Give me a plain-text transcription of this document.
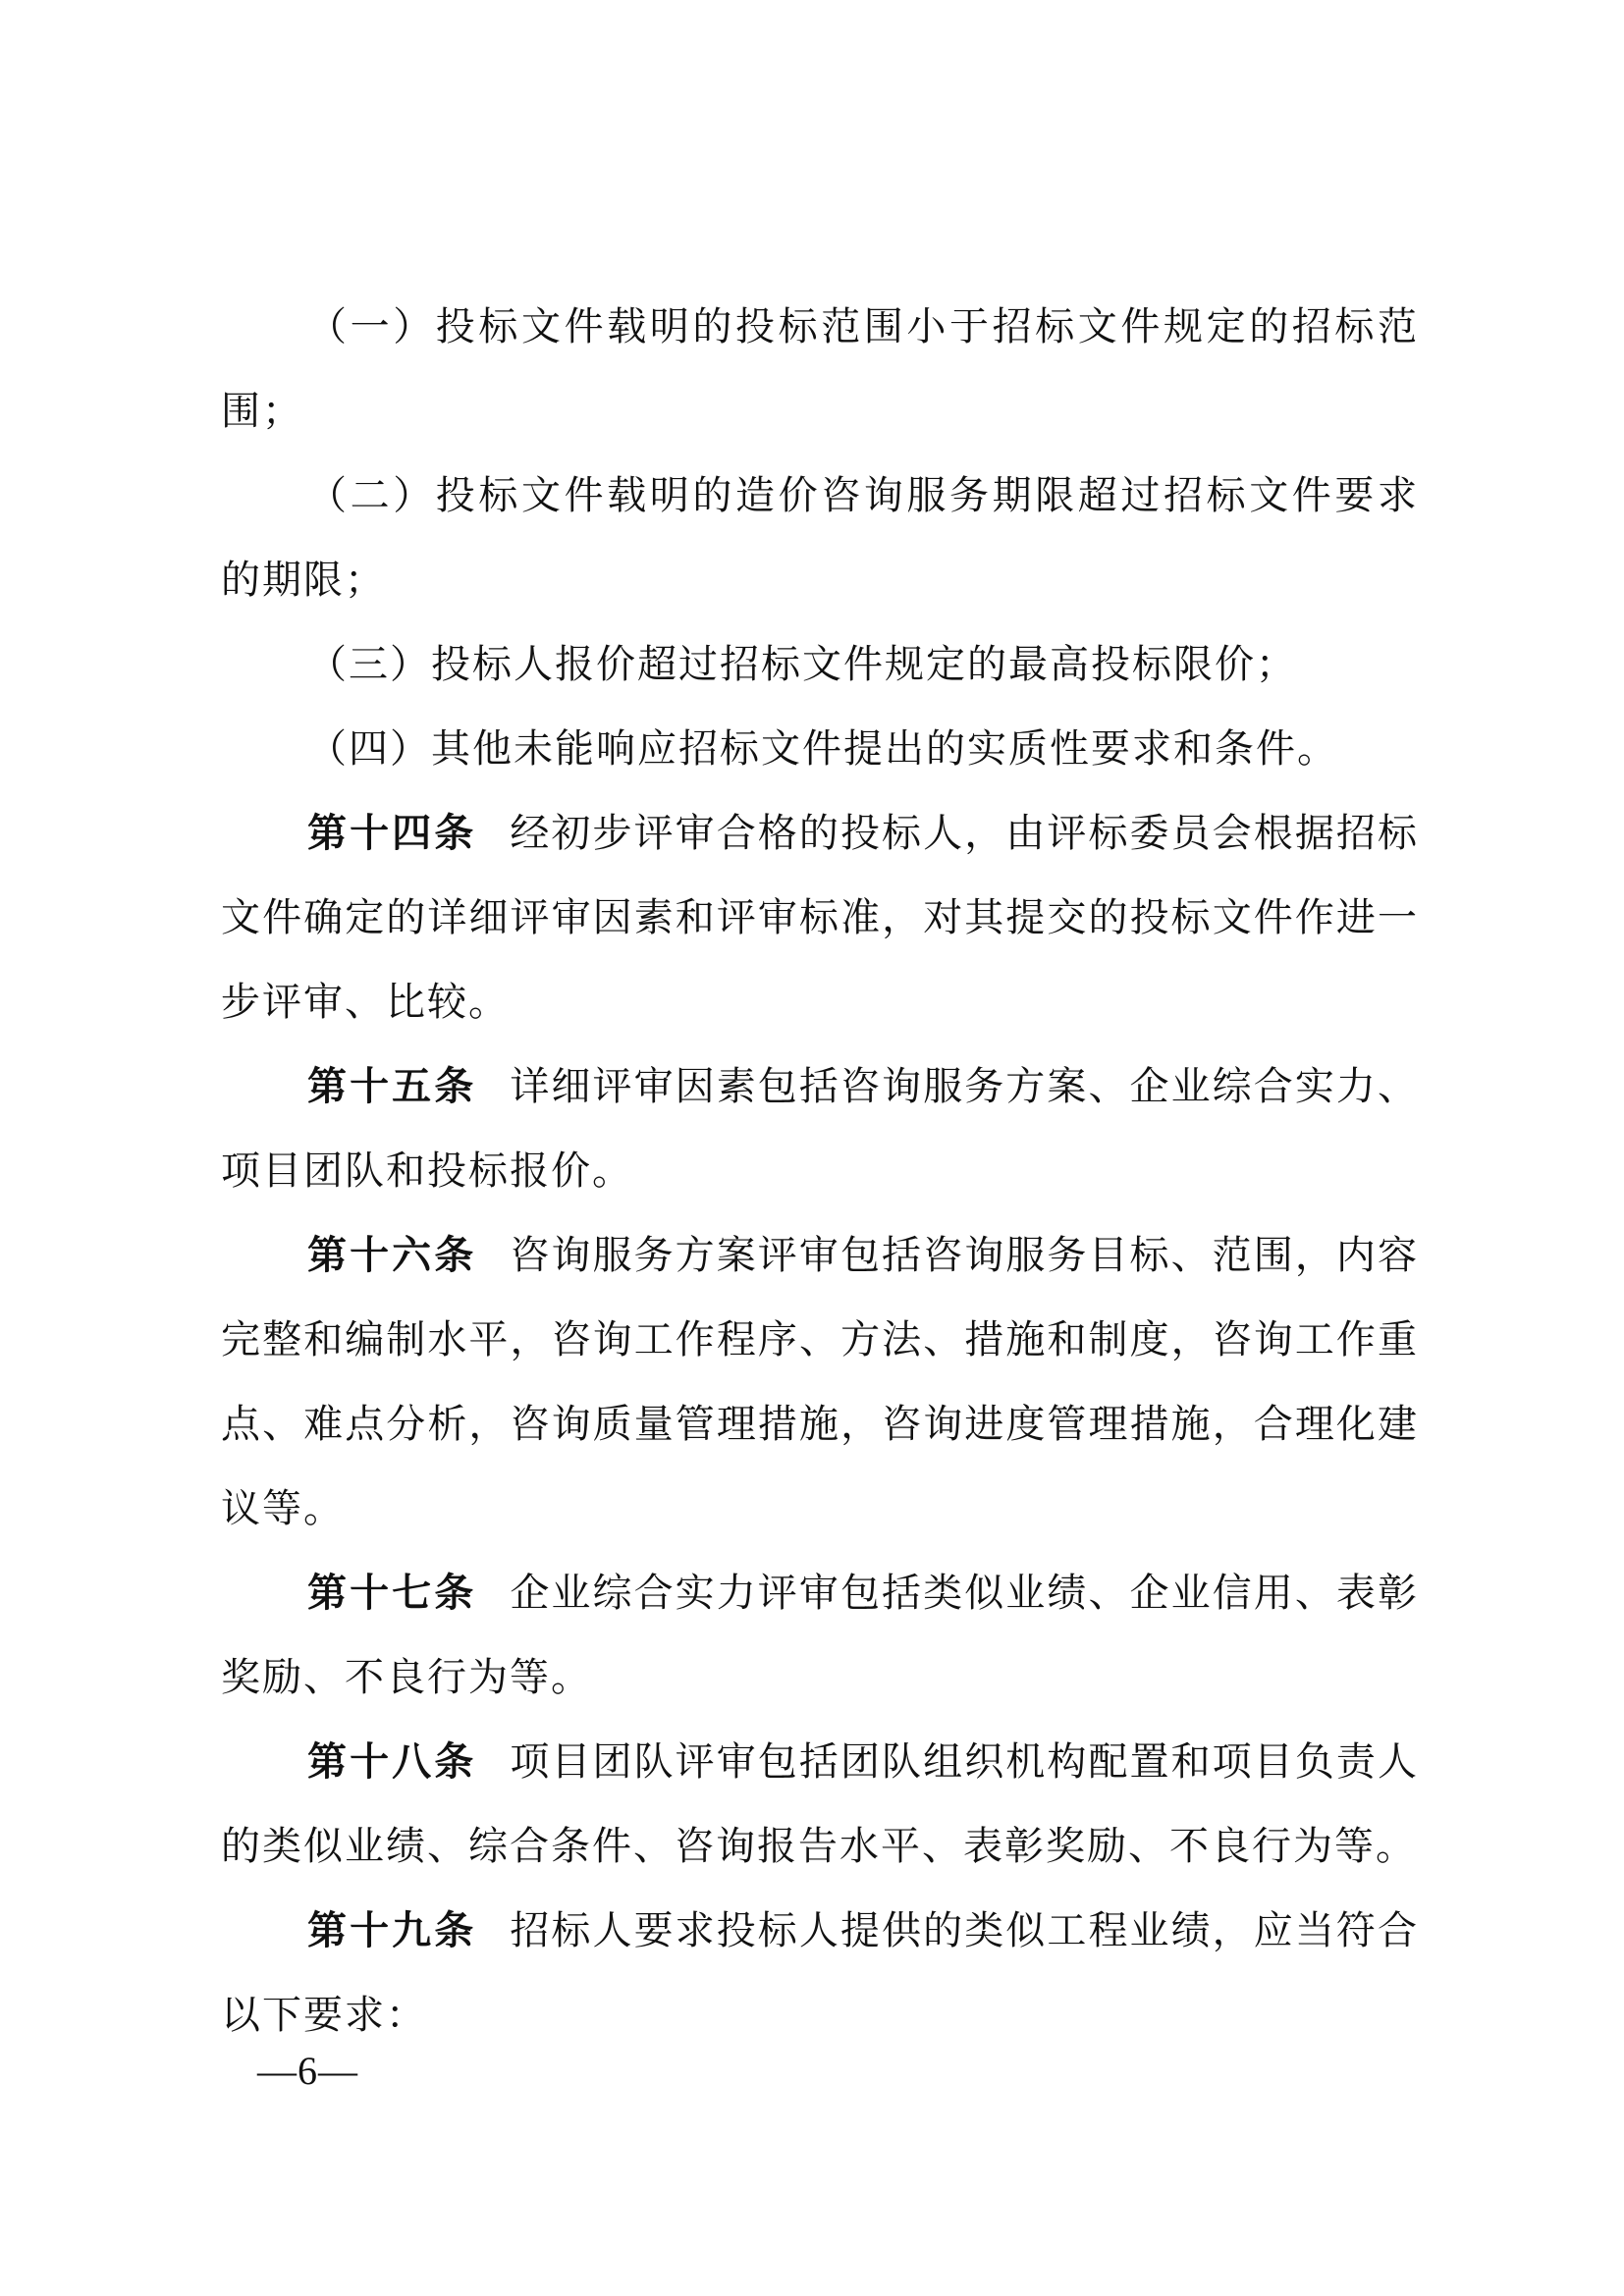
（一）投标文件载明的投标范围小于招标文件规定的招标范围；

（二）投标文件载明的造价咨询服务期限超过招标文件要求的期限；

（三）投标人报价超过招标文件规定的最高投标限价；

（四）其他未能响应招标文件提出的实质性要求和条件。

第十四条 经初步评审合格的投标人，由评标委员会根据招标文件确定的详细评审因素和评审标准，对其提交的投标文件作进一步评审、比较。

第十五条 详细评审因素包括咨询服务方案、企业综合实力、项目团队和投标报价。

第十六条 咨询服务方案评审包括咨询服务目标、范围，内容完整和编制水平，咨询工作程序、方法、措施和制度，咨询工作重点、难点分析，咨询质量管理措施，咨询进度管理措施，合理化建议等。

第十七条 企业综合实力评审包括类似业绩、企业信用、表彰奖励、不良行为等。

第十八条 项目团队评审包括团队组织机构配置和项目负责人的类似业绩、综合条件、咨询报告水平、表彰奖励、不良行为等。

第十九条 招标人要求投标人提供的类似工程业绩，应当符合以下要求：

—6—
